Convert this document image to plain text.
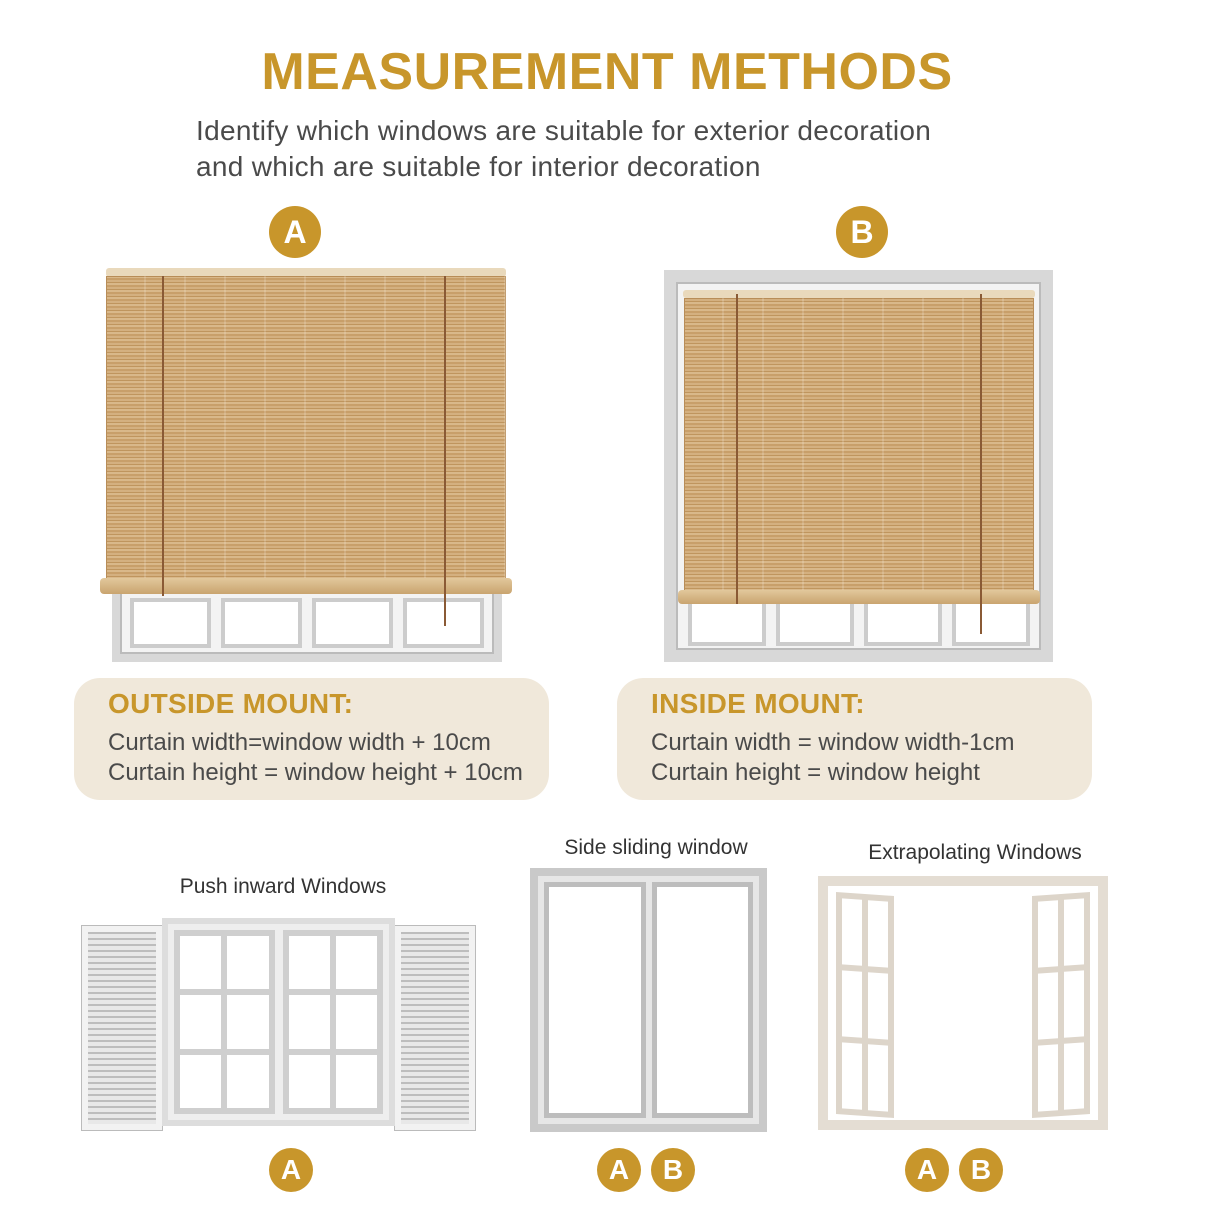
MEASUREMENT METHODS
Identify which windows are suitable for exterior decoration
and which are suitable for interior decoration
A	B
OUTSIDE MOUNT:

Curtain width=window width + 10cm

Curtain height = window height + 10cm

INSIDE MOUNT:

Curtain width = window width-1cm

Curtain height = window height

Push inward Windows
A
Side sliding window
A	B
Extrapolating Windows
A	B
